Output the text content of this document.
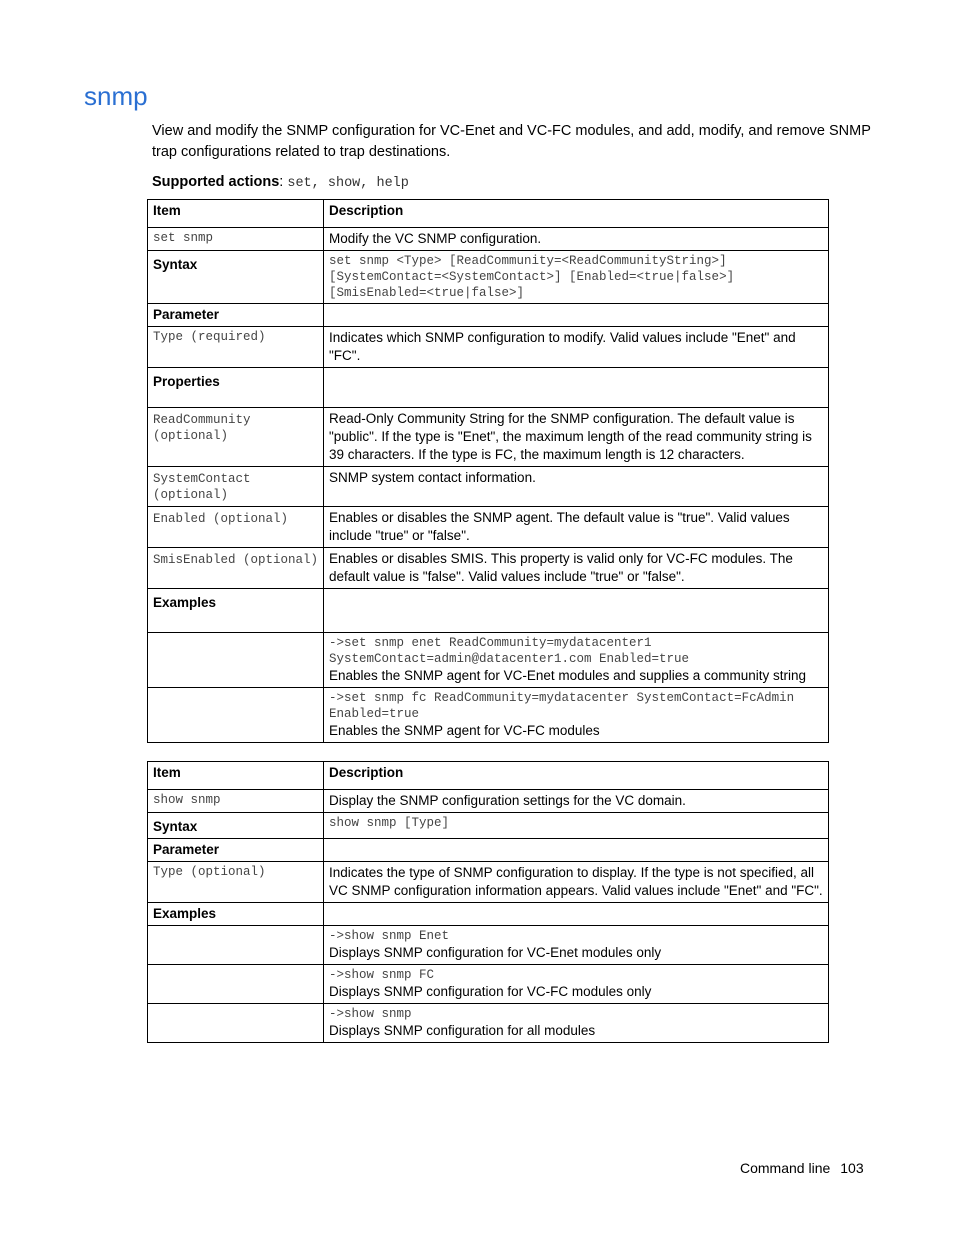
snmp

View and modify the SNMP configuration for VC-Enet and VC-FC modules, and add, modify, and remove SNMP trap configurations related to trap destinations.

Supported actions: set, show, help

Item	Description

set snmp	Modify the VC SNMP configuration.
Syntax	set snmp <Type> [ReadCommunity=<ReadCommunityString>] [SystemContact=<SystemContact>] [Enabled=<true|false>] [SmisEnabled=<true|false>]

Parameter	

Type (required)	Indicates which SNMP configuration to modify. Valid values include "Enet" and "FC".
Properties	

ReadCommunity (optional)	Read-Only Community String for the SNMP configuration. The default value is "public". If the type is "Enet", the maximum length of the read community string is 39 characters. If the type is FC, the maximum length is 12 characters.

SystemContact (optional)	SNMP system contact information.

Enabled (optional)	Enables or disables the SNMP agent. The default value is "true". Valid values include "true" or "false".

SmisEnabled (optional)	Enables or disables SMIS. This property is valid only for VC-FC modules. The default value is "false". Valid values include "true" or "false".
Examples	

	->set snmp enet ReadCommunity=mydatacenter1 SystemContact=admin@datacenter1.com Enabled=true
Enables the SNMP agent for VC-Enet modules and supplies a community string

	->set snmp fc ReadCommunity=mydatacenter SystemContact=FcAdmin Enabled=true
Enables the SNMP agent for VC-FC modules
Item	Description

show snmp	Display the SNMP configuration settings for the VC domain.
Syntax	show snmp [Type]

Parameter	

Type (optional)	Indicates the type of SNMP configuration to display. If the type is not specified, all VC SNMP configuration information appears. Valid values include "Enet" and "FC".
Examples	

	->show snmp Enet
Displays SNMP configuration for VC-Enet modules only

	->show snmp FC
Displays SNMP configuration for VC-FC modules only

	->show snmp
Displays SNMP configuration for all modules

Command line 103
